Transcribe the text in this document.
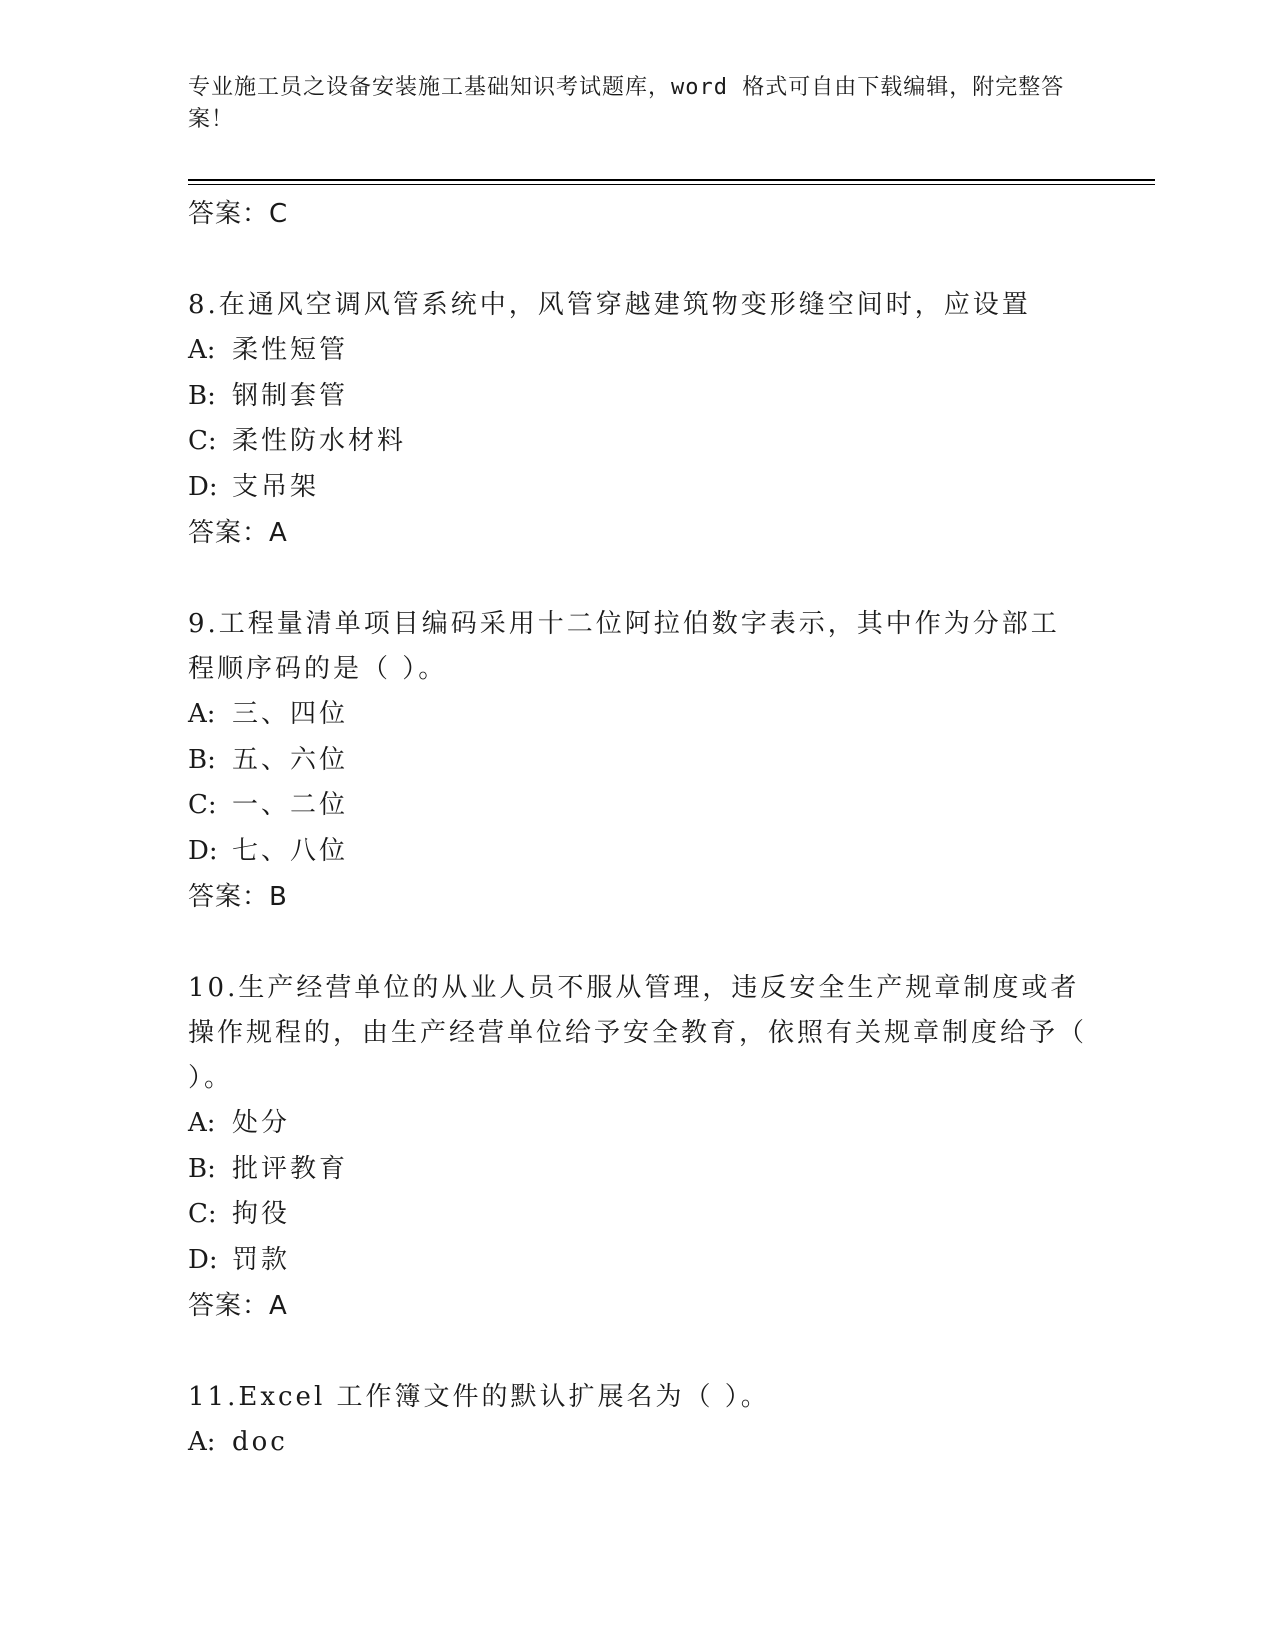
专业施工员之设备安装施工基础知识考试题库，word 格式可自由下载编辑，附完整答案！
答案：C
8.在通风空调风管系统中，风管穿越建筑物变形缝空间时，应设置
A: 柔性短管
B: 钢制套管
C: 柔性防水材料
D: 支吊架
答案：A
9.工程量清单项目编码采用十二位阿拉伯数字表示，其中作为分部工程顺序码的是（ ）。
A: 三、四位
B: 五、六位
C: 一、二位
D: 七、八位
答案：B
10.生产经营单位的从业人员不服从管理，违反安全生产规章制度或者操作规程的，由生产经营单位给予安全教育，依照有关规章制度给予（ ）。
A: 处分
B: 批评教育
C: 拘役
D: 罚款
答案：A
11.Excel 工作簿文件的默认扩展名为（ ）。
A: doc
